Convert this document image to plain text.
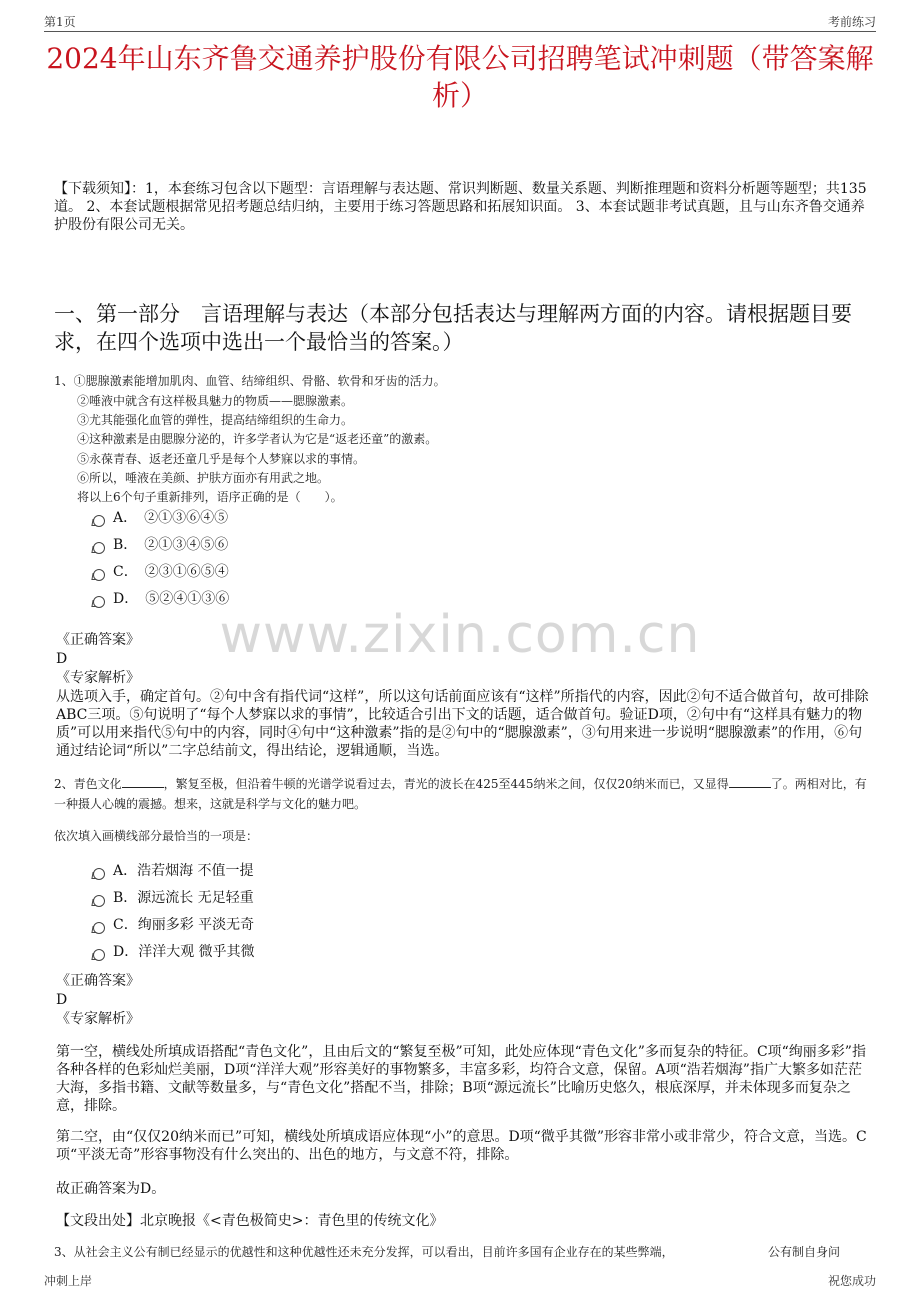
第1页	考前练习
2024年山东齐鲁交通养护股份有限公司招聘笔试冲刺题（带答案解析）

【下载须知】：1，本套练习包含以下题型：言语理解与表达题、常识判断题、数量关系题、判断推理题和资料分析题等题型；共135道。 2、本套试题根据常见招考题总结归纳，主要用于练习答题思路和拓展知识面。 3、本套试题非考试真题，且与山东齐鲁交通养护股份有限公司无关。

一、第一部分　言语理解与表达（本部分包括表达与理解两方面的内容。请根据题目要求，在四个选项中选出一个最恰当的答案。）
www.zixin.com.cn
1、①腮腺激素能增加肌肉、血管、结缔组织、骨骼、软骨和牙齿的活力。
②唾液中就含有这样极具魅力的物质——腮腺激素。
③尤其能强化血管的弹性，提高结缔组织的生命力。
④这种激素是由腮腺分泌的，许多学者认为它是“返老还童”的激素。
⑤永葆青春、返老还童几乎是每个人梦寐以求的事情。
⑥所以，唾液在美颜、护肤方面亦有用武之地。
将以上6个句子重新排列，语序正确的是（　　）。
A．　②①③⑥④⑤
B．　②①③④⑤⑥
C．　②③①⑥⑤④
D．　⑤②④①③⑥
《正确答案》
D
《专家解析》

从选项入手，确定首句。②句中含有指代词“这样”，所以这句话前面应该有“这样”所指代的内容，因此②句不适合做首句，故可排除ABC三项。⑤句说明了“每个人梦寐以求的事情”，比较适合引出下文的话题，适合做首句。验证D项，②句中有“这样具有魅力的物质”可以用来指代⑤句中的内容，同时④句中“这种激素”指的是②句中的“腮腺激素”，③句用来进一步说明“腮腺激素”的作用，⑥句通过结论词“所以”二字总结前文，得出结论，逻辑通顺，当选。

2、青色文化	，繁复至极，但沿着牛顿的光谱学说看过去，青光的波长在425至445纳米之间，仅仅20纳米而已，又显得	了。两相对比，有一种摄人心魄的震撼。想来，这就是科学与文化的魅力吧。

依次填入画横线部分最恰当的一项是：
A．浩若烟海 不值一提
B．源远流长 无足轻重
C．绚丽多彩 平淡无奇
D．洋洋大观 微乎其微
《正确答案》
D
《专家解析》

第一空，横线处所填成语搭配“青色文化”，且由后文的“繁复至极”可知，此处应体现“青色文化”多而复杂的特征。C项“绚丽多彩”指各种各样的色彩灿烂美丽，D项“洋洋大观”形容美好的事物繁多，丰富多彩，均符合文意，保留。A项“浩若烟海”指广大繁多如茫茫大海，多指书籍、文献等数量多，与“青色文化”搭配不当，排除；B项“源远流长”比喻历史悠久，根底深厚，并未体现多而复杂之意，排除。

第二空，由“仅仅20纳米而已”可知，横线处所填成语应体现“小”的意思。D项“微乎其微”形容非常小或非常少，符合文意，当选。C项“平淡无奇”形容事物没有什么突出的、出色的地方，与文意不符，排除。

故正确答案为D。

【文段出处】北京晚报《<青色极简史>：青色里的传统文化》

3、从社会主义公有制已经显示的优越性和这种优越性还未充分发挥，可以看出，目前许多国有企业存在的某些弊端，	公有制自身问
冲刺上岸	祝您成功
